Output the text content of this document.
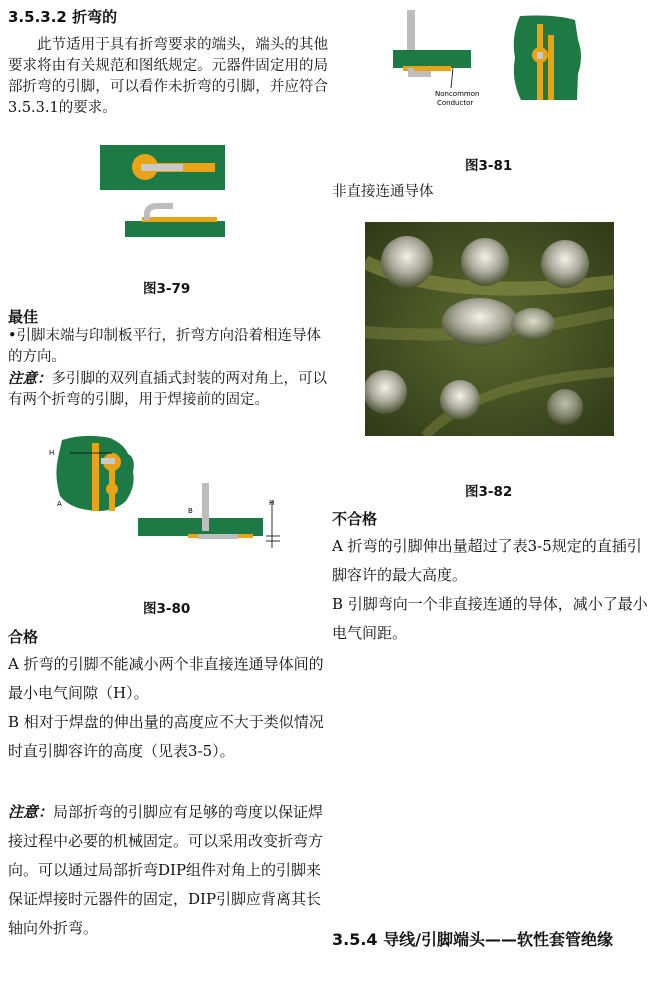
3.5.3.2 折弯的
此节适用于具有折弯要求的端头，端头的其他要求将由有关规范和图纸规定。元器件固定用的局部折弯的引脚，可以看作未折弯的引脚，并应符合3.5.3.1的要求。
图3-79
最佳
•引脚末端与印制板平行，折弯方向沿着相连导体的方向。
注意：多引脚的双列直插式封装的两对角上，可以有两个折弯的引脚，用于焊接前的固定。
H
A
B
H
图3-80
合格
A 折弯的引脚不能减小两个非直接连通导体间的最小电气间隙（H）。
B 相对于焊盘的伸出量的高度应不大于类似情况时直引脚容许的高度（见表3-5）。
注意：局部折弯的引脚应有足够的弯度以保证焊接过程中必要的机械固定。可以采用改变折弯方向。可以通过局部折弯DIP组件对角上的引脚来保证焊接时元器件的固定，DIP引脚应背离其长轴向外折弯。
Noncommon
Conductor
图3-81
非直接连通导体
图3-82
不合格
A 折弯的引脚伸出量超过了表3-5规定的直插引脚容许的最大高度。
B 引脚弯向一个非直接连通的导体，减小了最小电气间距。
3.5.4 导线/引脚端头——软性套管绝缘
